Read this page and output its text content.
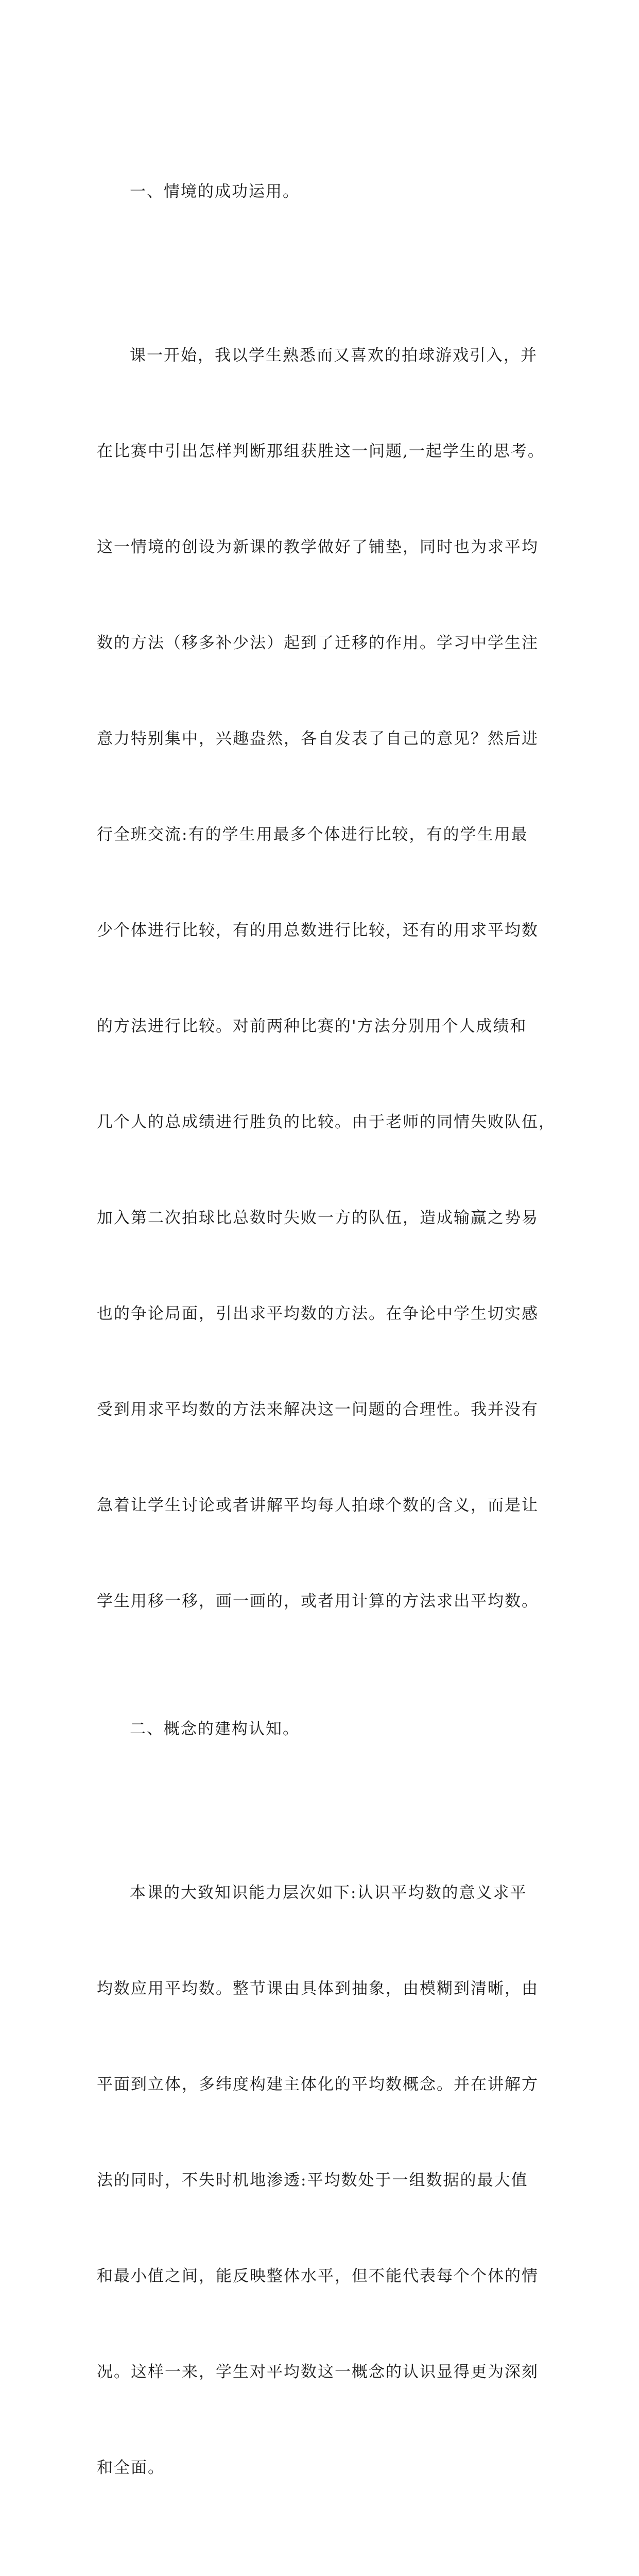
一、情境的成功运用。

课一开始，我以学生熟悉而又喜欢的拍球游戏引入，并

在比赛中引出怎样判断那组获胜这一问题,一起学生的思考。

这一情境的创设为新课的教学做好了铺垫，同时也为求平均

数的方法（移多补少法）起到了迁移的作用。学习中学生注

意力特别集中，兴趣盎然，各自发表了自己的意见？然后进

行全班交流:有的学生用最多个体进行比较，有的学生用最

少个体进行比较，有的用总数进行比较，还有的用求平均数

的方法进行比较。对前两种比赛的'方法分别用个人成绩和

几个人的总成绩进行胜负的比较。由于老师的同情失败队伍，

加入第二次拍球比总数时失败一方的队伍，造成输赢之势易

也的争论局面，引出求平均数的方法。在争论中学生切实感

受到用求平均数的方法来解决这一问题的合理性。我并没有

急着让学生讨论或者讲解平均每人拍球个数的含义，而是让

学生用移一移，画一画的，或者用计算的方法求出平均数。

二、概念的建构认知。

本课的大致知识能力层次如下:认识平均数的意义求平

均数应用平均数。整节课由具体到抽象，由模糊到清晰，由

平面到立体，多纬度构建主体化的平均数概念。并在讲解方

法的同时，不失时机地渗透:平均数处于一组数据的最大值

和最小值之间，能反映整体水平，但不能代表每个个体的情

况。这样一来，学生对平均数这一概念的认识显得更为深刻

和全面。
